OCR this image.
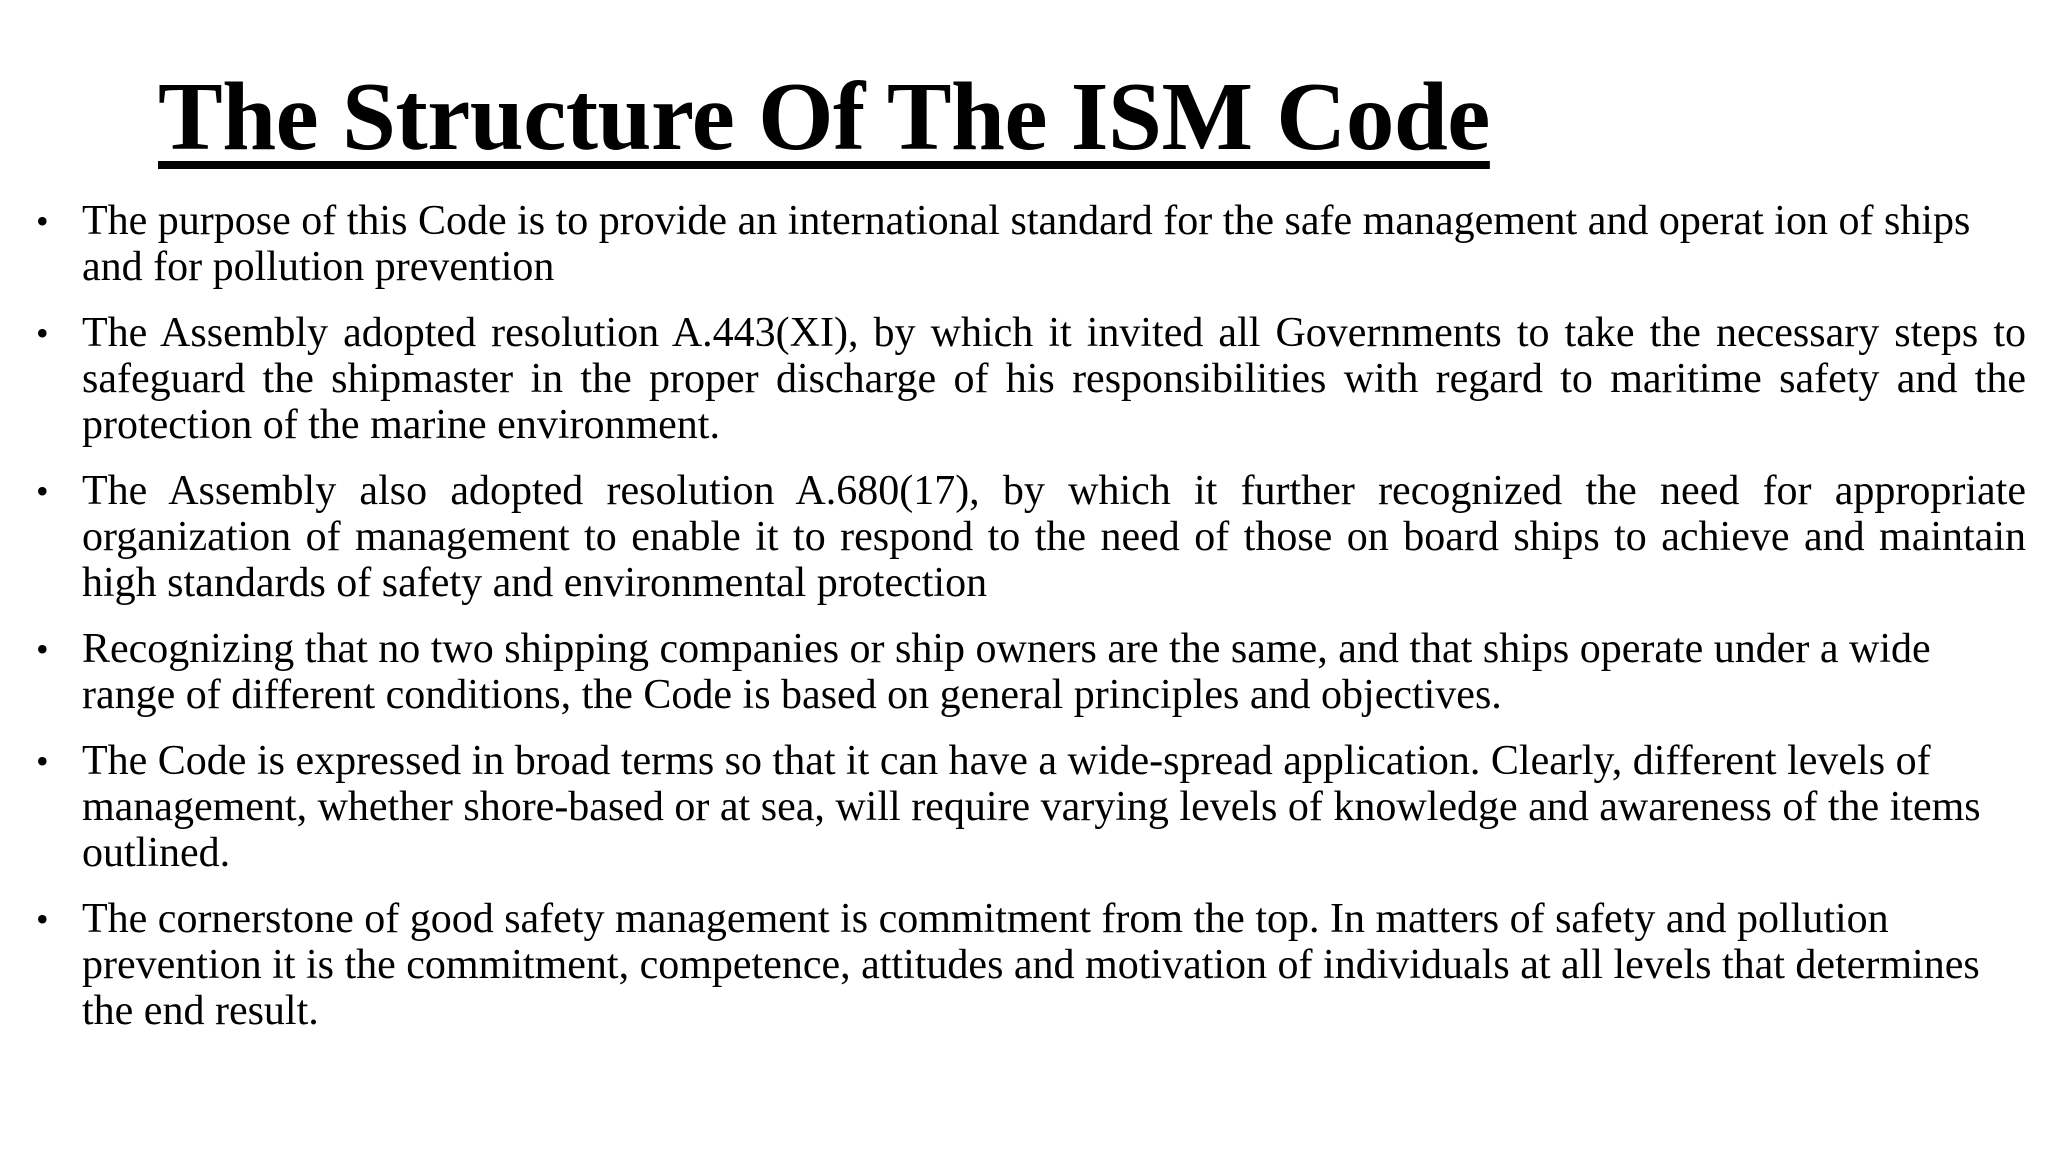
The Structure Of The ISM Code
• The purpose of this Code is to provide an international standard for the safe management and operat ion of ships and for pollution prevention
• The Assembly adopted resolution A.443(XI), by which it invited all Governments to take the necessary steps to safeguard the shipmaster in the proper discharge of his responsibilities with regard to maritime safety and the protection of the marine environment.
• The Assembly also adopted resolution A.680(17), by which it further recognized the need for appropriate organization of management to enable it to respond to the need of those on board ships to achieve and maintain high standards of safety and environmental protection
• Recognizing that no two shipping companies or ship owners are the same, and that ships operate under a wide range of different conditions, the Code is based on general principles and objectives.
• The Code is expressed in broad terms so that it can have a wide-spread application. Clearly, different levels of management, whether shore-based or at sea, will require varying levels of knowledge and awareness of the items outlined.
• The cornerstone of good safety management is commitment from the top. In matters of safety and pollution prevention it is the commitment, competence, attitudes and motivation of individuals at all levels that determines the end result.
